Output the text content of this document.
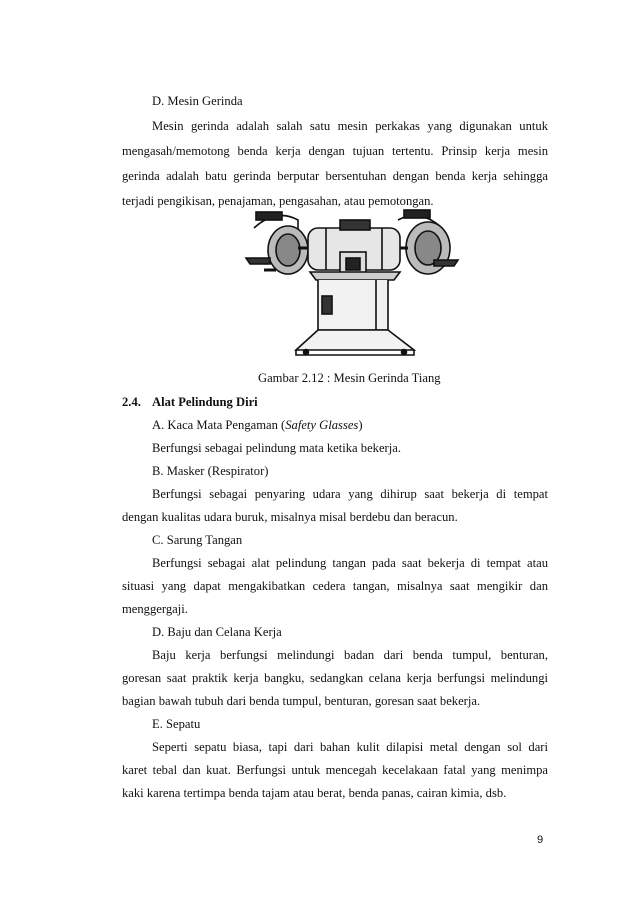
D. Mesin Gerinda
Mesin gerinda adalah salah satu mesin perkakas yang digunakan untuk
mengasah/memotong benda kerja dengan tujuan tertentu. Prinsip kerja mesin
gerinda adalah batu gerinda berputar bersentuhan dengan benda kerja sehingga
terjadi pengikisan, penajaman, pengasahan, atau pemotongan.
Gambar 2.12 : Mesin Gerinda Tiang
2.4. Alat Pelindung Diri
A. Kaca Mata Pengaman (Safety Glasses)
Berfungsi sebagai pelindung mata ketika bekerja.
B. Masker (Respirator)
Berfungsi sebagai penyaring udara yang dihirup saat bekerja di tempat
dengan kualitas udara buruk, misalnya misal berdebu dan beracun.
C. Sarung Tangan
Berfungsi sebagai alat pelindung tangan pada saat bekerja di tempat atau
situasi yang dapat mengakibatkan cedera tangan, misalnya saat mengikir dan
menggergaji.
D. Baju dan Celana Kerja
Baju kerja berfungsi melindungi badan dari benda tumpul, benturan,
goresan saat praktik kerja bangku, sedangkan celana kerja berfungsi melindungi
bagian bawah tubuh dari benda tumpul, benturan, goresan saat bekerja.
E. Sepatu
Seperti sepatu biasa, tapi dari bahan kulit dilapisi metal dengan sol dari
karet tebal dan kuat. Berfungsi untuk mencegah kecelakaan fatal yang menimpa
kaki karena tertimpa benda tajam atau berat, benda panas, cairan kimia, dsb.
9
